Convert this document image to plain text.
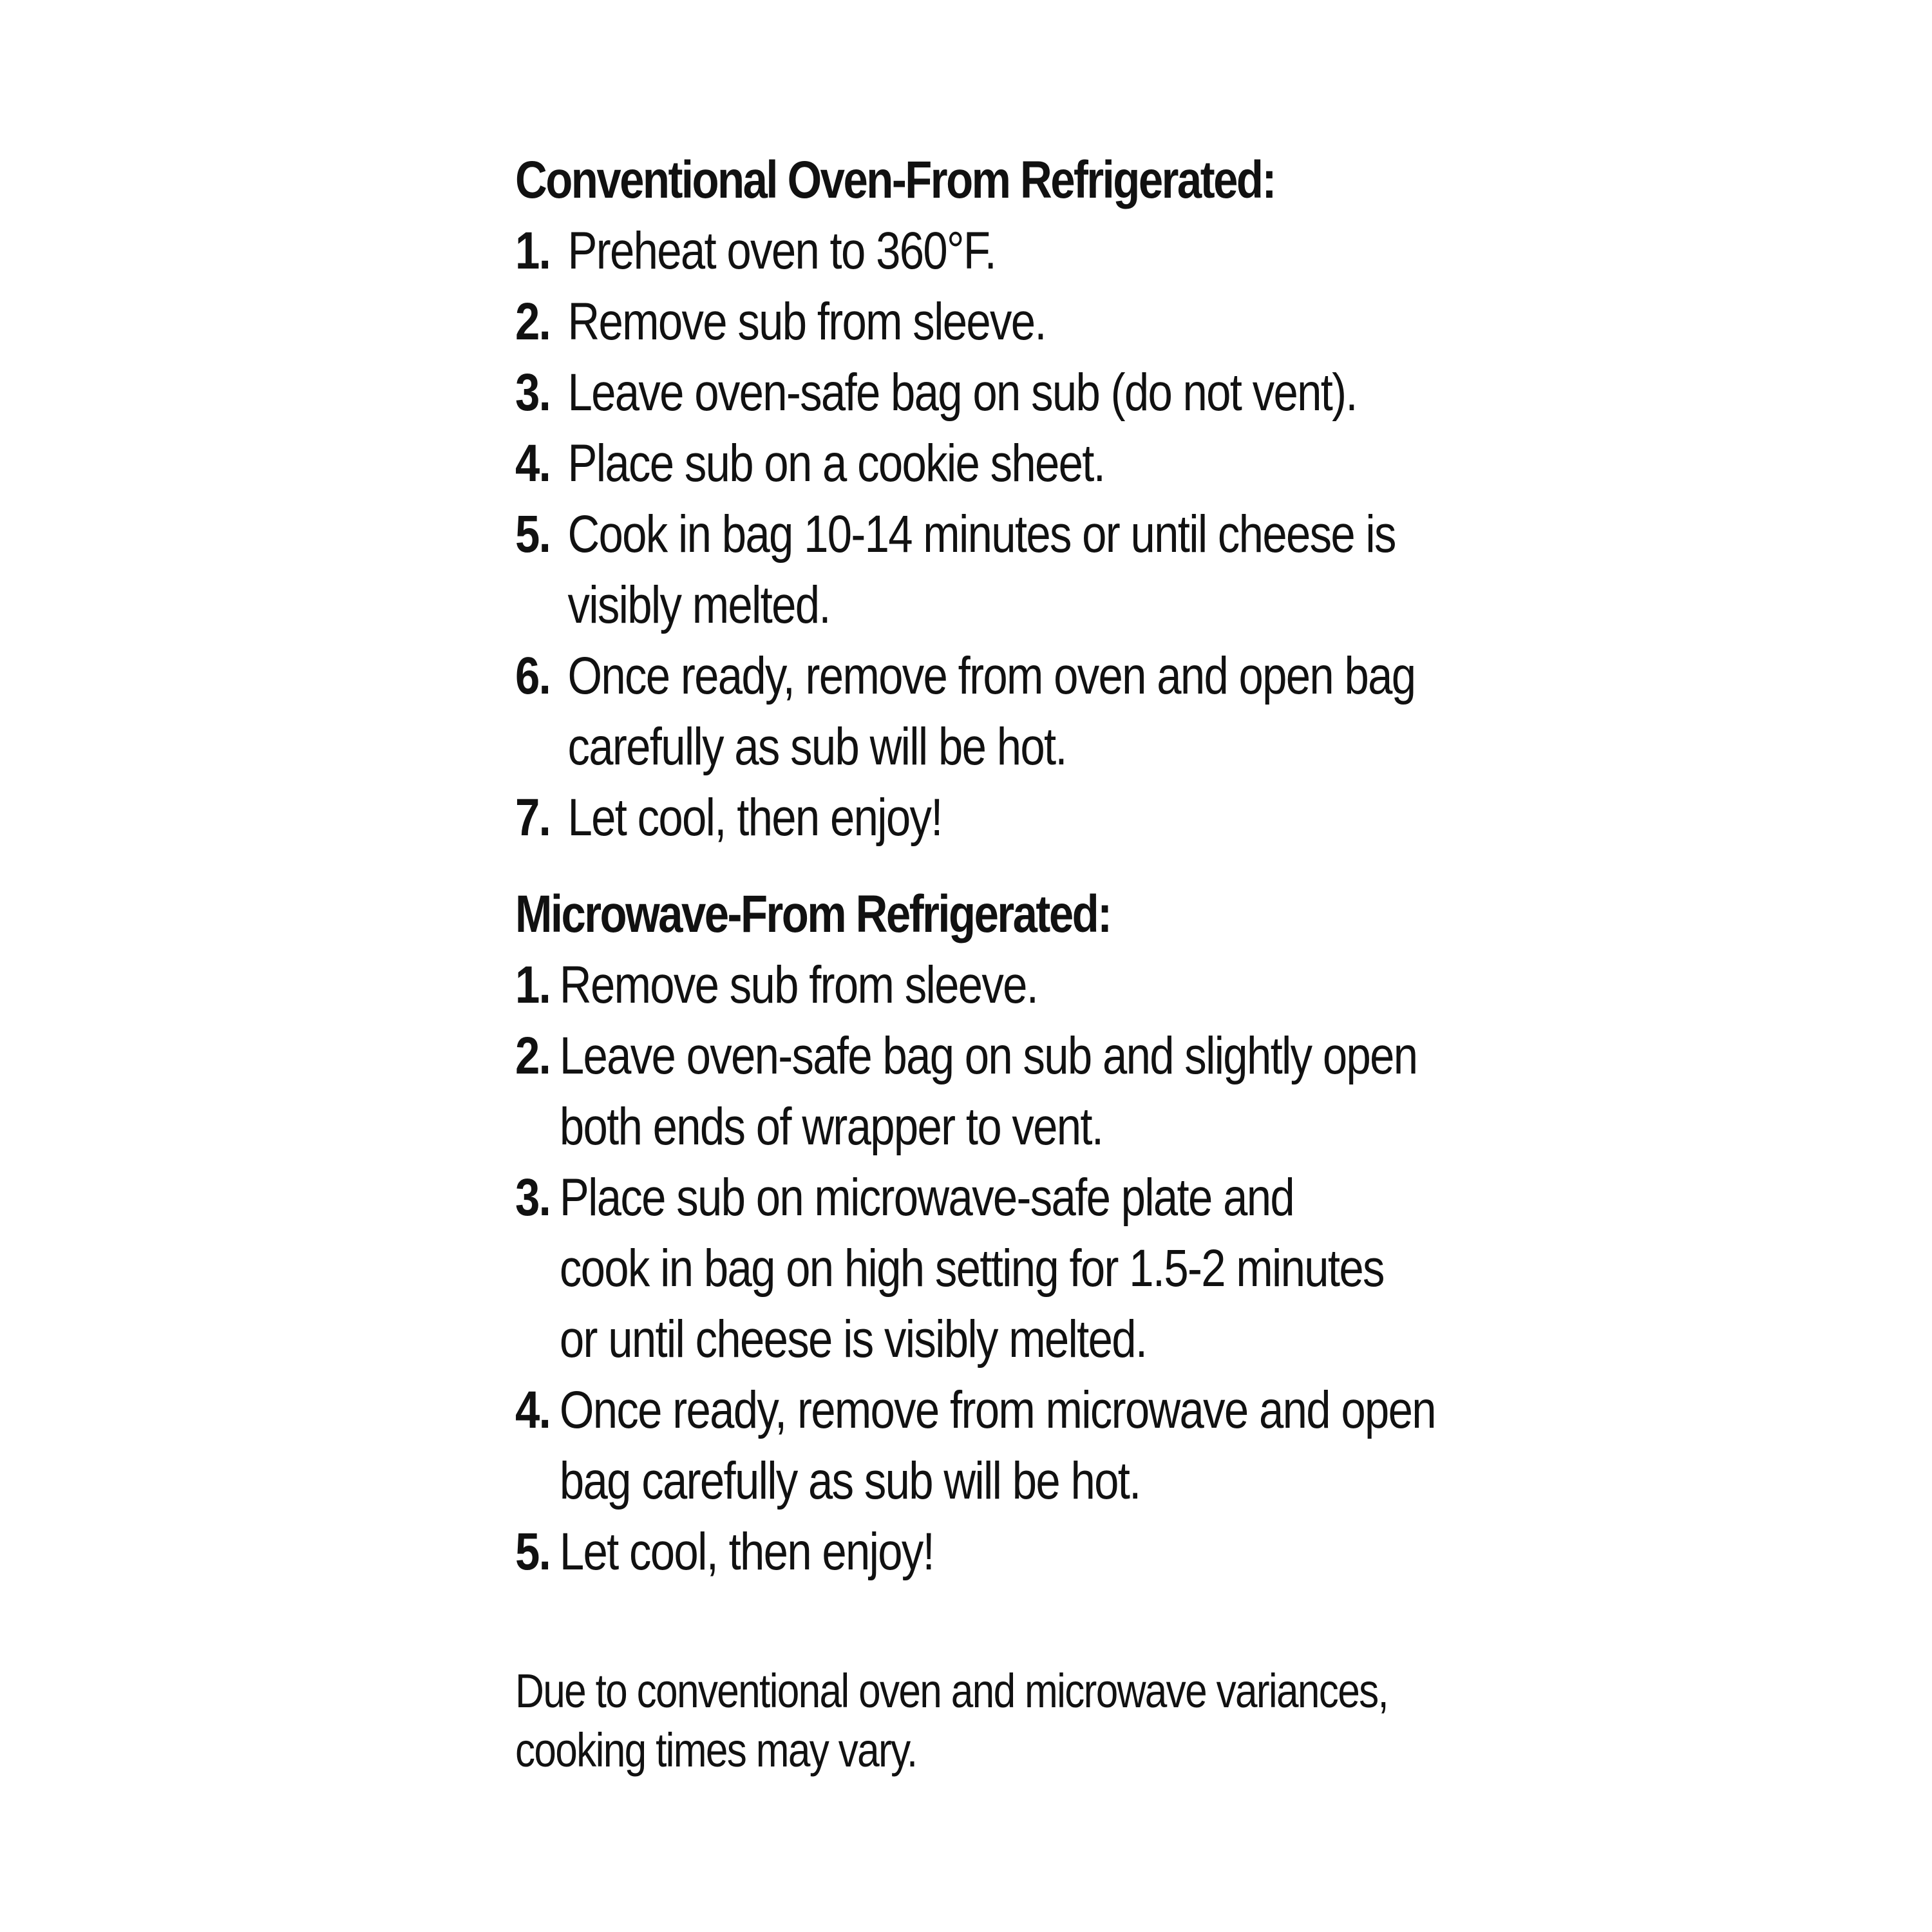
Conventional Oven-From Refrigerated:
1. Preheat oven to 360°F.
2. Remove sub from sleeve.
3. Leave oven-safe bag on sub (do not vent).
4. Place sub on a cookie sheet.
5. Cook in bag 10-14 minutes or until cheese is
visibly melted.
6. Once ready, remove from oven and open bag
carefully as sub will be hot.
7. Let cool, then enjoy!
Microwave-From Refrigerated:
1. Remove sub from sleeve.
2. Leave oven-safe bag on sub and slightly open
both ends of wrapper to vent.
3. Place sub on microwave-safe plate and
cook in bag on high setting for 1.5-2 minutes
or until cheese is visibly melted.
4. Once ready, remove from microwave and open
bag carefully as sub will be hot.
5. Let cool, then enjoy!

Due to conventional oven and microwave variances,
cooking times may vary.
